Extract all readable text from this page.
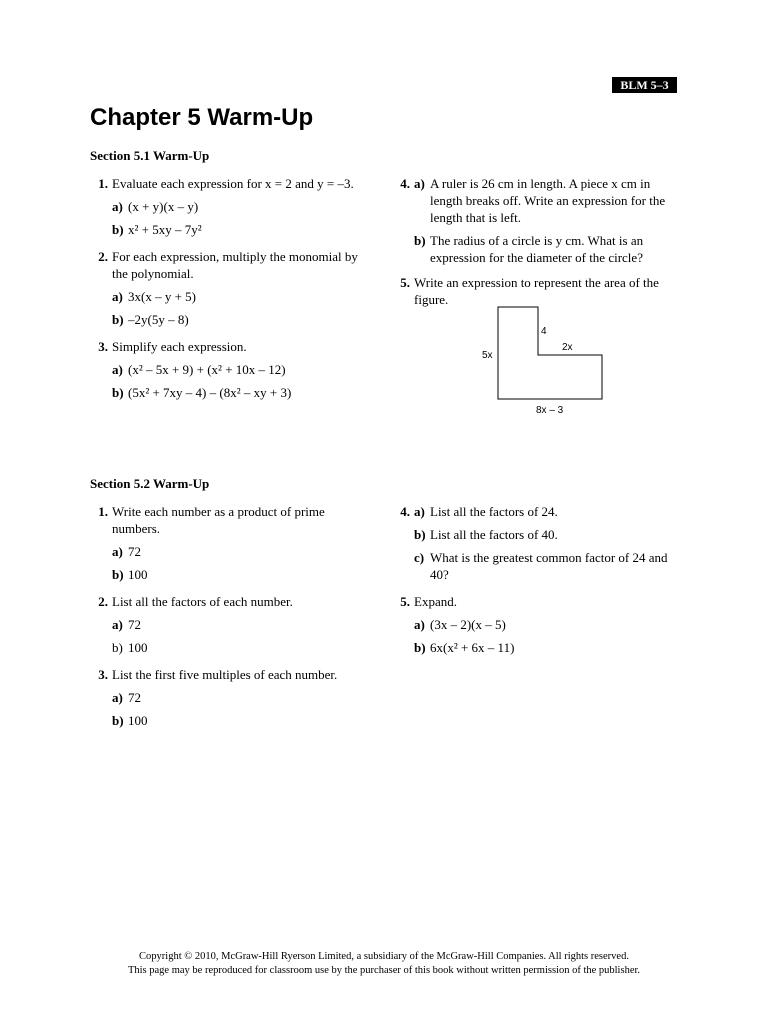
BLM 5–3
Chapter 5 Warm-Up

Section 5.1 Warm-Up

1. Evaluate each expression for x = 2 and y = –3.
a) (x + y)(x – y)
b) x² + 5xy – 7y²
2. For each expression, multiply the monomial by the polynomial.
a) 3x(x – y + 5)
b) –2y(5y – 8)
3. Simplify each expression.
a) (x² – 5x + 9) + (x² + 10x – 12)
b) (5x² + 7xy – 4) – (8x² – xy + 3)
4. a) A ruler is 26 cm in length. A piece x cm in length breaks off. Write an expression for the length that is left.
b) The radius of a circle is y cm. What is an expression for the diameter of the circle?
5. Write an expression to represent the area of the figure.
5x
4
2x
8x – 3

Section 5.2 Warm-Up

1. Write each number as a product of prime numbers.
a) 72
b) 100
2. List all the factors of each number.
a) 72
b) 100
3. List the first five multiples of each number.
a) 72
b) 100
4. a) List all the factors of 24.
b) List all the factors of 40.
c) What is the greatest common factor of 24 and 40?
5. Expand.
a) (3x – 2)(x – 5)
b) 6x(x² + 6x – 11)
Copyright © 2010, McGraw-Hill Ryerson Limited, a subsidiary of the McGraw-Hill Companies. All rights reserved.
This page may be reproduced for classroom use by the purchaser of this book without written permission of the publisher.
